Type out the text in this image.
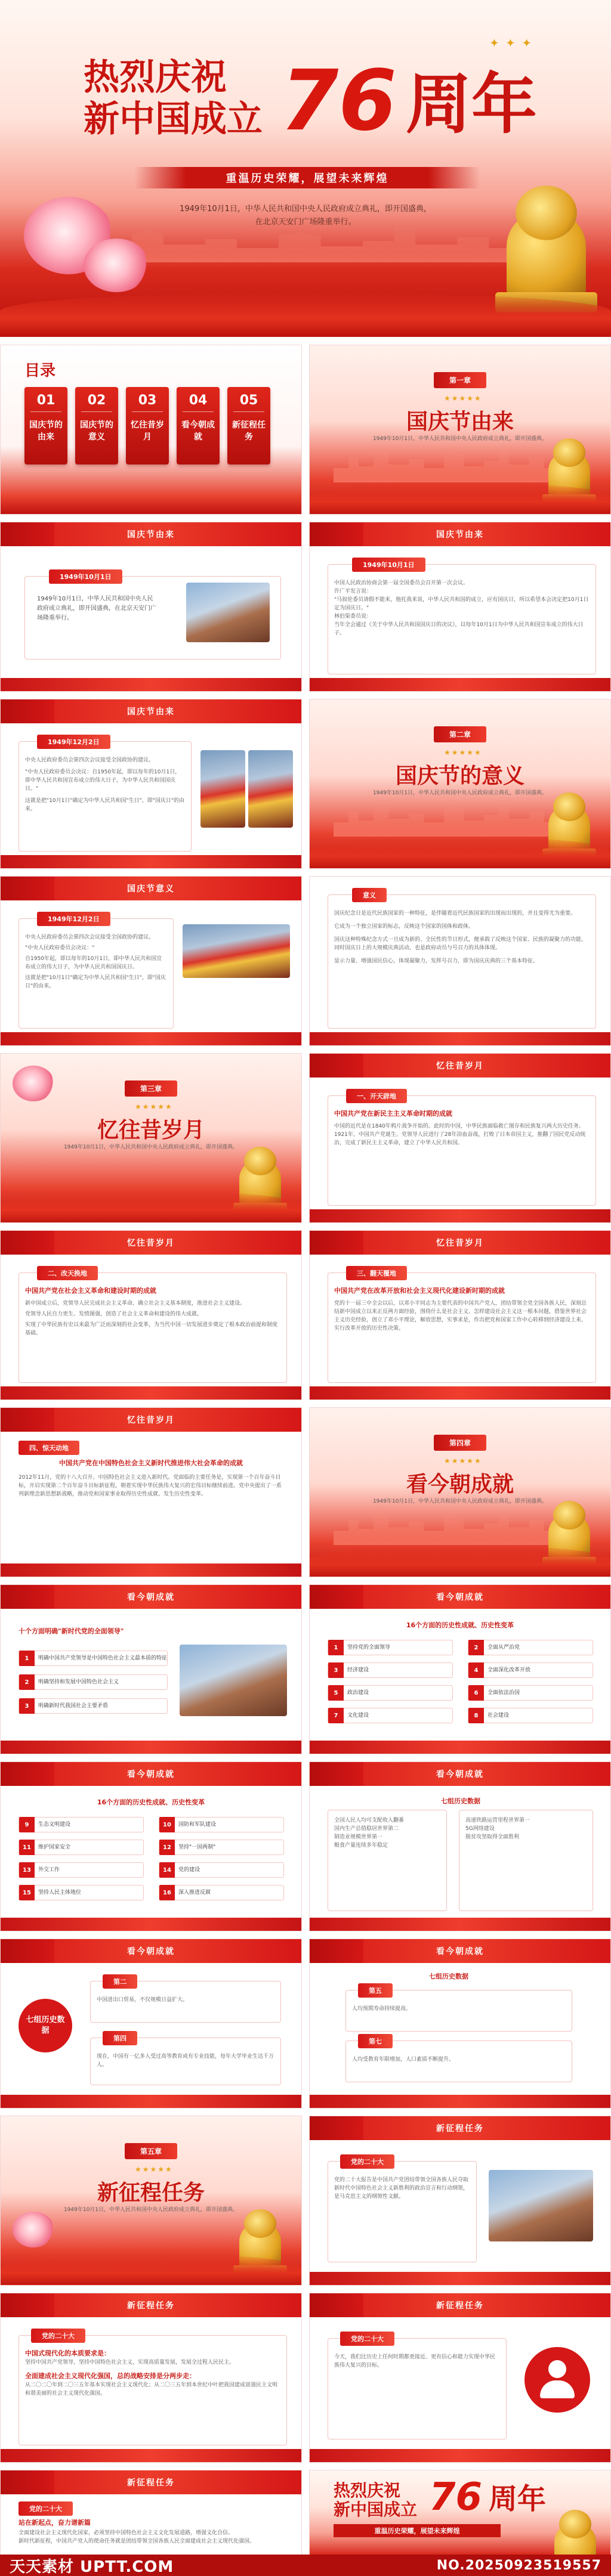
热烈庆祝
新中国成立 76 周年
重温历史荣耀，展望未来辉煌
1949年10月1日，中华人民共和国中央人民政府成立典礼，即开国盛典，
在北京天安门广场隆重举行。
✦ ✦ ✦
目录
01
国庆节的由来
02
国庆节的意义
03
忆往昔岁月
04
看今朝成就
05
新征程任务
第一章
★★★★★
国庆节由来
1949年10月1日，中华人民共和国中央人民政府成立典礼，即开国盛典。
国庆节由来
1949年10月1日
1949年10月1日，中华人民共和国中央人民政府成立典礼，即开国盛典，在北京天安门广场隆重举行。
国庆节由来
1949年10月1日
中国人民政治协商会第一届全国委员会召开第一次会议。
许广平发言说：
"马叙伦委员请假不能来，他托我来说，中华人民共和国的成立，应有国庆日，所以希望本会决定把10月1日定为国庆日。"
林伯渠委员说：
当年全会通过《关于中华人民共和国国庆日的决议》，以每年10月1日为中华人民共和国宣布成立的伟大日子。
国庆节由来
1949年12月2日
中央人民政府委员会第四次会议接受全国政协的建议。
"中央人民政府委员会决议：自1950年起，即以每年的10月1日，即中华人民共和国宣布成立的伟大日子，为中华人民共和国国庆日。"
这就是把"10月1日"确定为中华人民共和国"生日"，即"国庆日"的由来。
第二章
★★★★★
国庆节的意义
1949年10月1日，中华人民共和国中央人民政府成立典礼，即开国盛典。
国庆节意义
1949年12月2日
中央人民政府委员会第四次会议接受全国政协的建议。
"中央人民政府委员会决议："
自1950年起，即以每年的10月1日，即中华人民共和国宣布成立的伟大日子，为中华人民共和国国庆日。
这就是把"10月1日"确定为中华人民共和国"生日"，即"国庆日"的由来。
意义
国庆纪念日是近代民族国家的一种特征，是伴随着近代民族国家的出现而出现的，并且变得尤为重要。
它成为一个独立国家的标志，反映这个国家的国体和政体。
国庆这种特殊纪念方式一旦成为新的、全民性的节日形式，便承载了反映这个国家、民族的凝聚力的功能。同时国庆日上的大规模庆典活动，也是政府动员与号召力的具体体现。
显示力量、增强国民信心，体现凝聚力，发挥号召力，即为国庆庆典的三个基本特征。
第三章
★★★★★
忆往昔岁月
1949年10月1日，中华人民共和国中央人民政府成立典礼，即开国盛典。
忆往昔岁月
一、开天辟地
中国共产党在新民主主义革命时期的成就
中国的近代是在1840年鸦片战争开始的。此时的中国，中华民族面临救亡图存和民族复兴两大历史任务。1921年，中国共产党诞生。党领导人民进行了28年浴血奋战，打败了日本帝国主义，推翻了国民党反动统治，完成了新民主主义革命，建立了中华人民共和国。
忆往昔岁月
二、改天换地
中国共产党在社会主义革命和建设时期的成就
新中国成立后，党领导人民完成社会主义革命，确立社会主义基本制度，推进社会主义建设。
党领导人民自力更生、发愤图强，创造了社会主义革命和建设的伟大成就。
实现了中华民族有史以来最为广泛而深刻的社会变革，为当代中国一切发展进步奠定了根本政治前提和制度基础。
忆往昔岁月
三、翻天覆地
中国共产党在改革开放和社会主义现代化建设新时期的成就
党的十一届三中全会以后，以邓小平同志为主要代表的中国共产党人，团结带领全党全国各族人民，深刻总结新中国成立以来正反两方面经验，围绕什么是社会主义、怎样建设社会主义这一根本问题，借鉴世界社会主义历史经验，创立了邓小平理论，解放思想，实事求是，作出把党和国家工作中心转移到经济建设上来、实行改革开放的历史性决策。
忆往昔岁月
四、惊天动地
中国共产党在中国特色社会主义新时代推进伟大社会革命的成就
2012年11月，党的十八大召开。中国特色社会主义进入新时代。党面临的主要任务是，实现第一个百年奋斗目标，开启实现第二个百年奋斗目标新征程，朝着实现中华民族伟大复兴的宏伟目标继续前进。党中央提出了一系列新理念新思想新战略，推动党和国家事业取得历史性成就、发生历史性变革。
第四章
★★★★★
看今朝成就
1949年10月1日，中华人民共和国中央人民政府成立典礼，即开国盛典。
看今朝成就
十个方面明确"新时代党的全面领导"
1	明确中国共产党领导是中国特色社会主义最本质的特征
2	明确坚持和发展中国特色社会主义
3	明确新时代我国社会主要矛盾
看今朝成就
16个方面的历史性成就、历史性变革
1	坚持党的全面领导	2	全面从严治党
3	经济建设	4	全面深化改革开放
5	政治建设	6	全面依法治国
7	文化建设	8	社会建设
看今朝成就
16个方面的历史性成就、历史性变革
9	生态文明建设	10	国防和军队建设
11	维护国家安全	12	坚持"一国两制"
13	外交工作	14	党的建设
15	坚持人民主体地位	16	深入推进反腐
看今朝成就
七组历史数据
全国人民人均可支配收入翻番
国内生产总值稳居世界第二
制造业规模世界第一
粮食产量连续多年稳定
高速铁路运营里程世界第一
5G网络建设
脱贫攻坚取得全面胜利
看今朝成就
七组历史数据
第二
中国进出口贸易，不仅规模日益扩大。
第四
现在，中国有一亿多人受过高等教育或有专业技能，每年大学毕业生达千万人。
看今朝成就
七组历史数据
第五
人均预期寿命持续提高。
第七
人均受教育年限增加，人口素质不断提升。
第五章
★★★★★
新征程任务
1949年10月1日，中华人民共和国中央人民政府成立典礼，即开国盛典。
新征程任务
党的二十大
党的二十大报告是中国共产党团结带领全国各族人民夺取新时代中国特色社会主义新胜利的政治宣言和行动纲领，是马克思主义的纲领性文献。
新征程任务
党的二十大
中国式现代化的本质要求是：
坚持中国共产党领导，坚持中国特色社会主义，实现高质量发展，发展全过程人民民主。
全面建成社会主义现代化强国，总的战略安排是分两步走：
从二〇二〇年到二〇三五年基本实现社会主义现代化；从二〇三五年到本世纪中叶把我国建成富强民主文明和谐美丽的社会主义现代化强国。
新征程任务
党的二十大
今天，我们比历史上任何时期都更接近、更有信心和能力实现中华民族伟大复兴的目标。
新征程任务
党的二十大
站在新起点，奋力谱新篇
全面建设社会主义现代化国家，必须坚持中国特色社会主义文化发展道路，增强文化自信。
新时代新征程，中国共产党人的使命任务就是团结带领全国各族人民全面建成社会主义现代化强国。
热烈庆祝
新中国成立 76 周年
重温历史荣耀，展望未来辉煌
天天素材 UPTT.COM	NO.20250923519557
